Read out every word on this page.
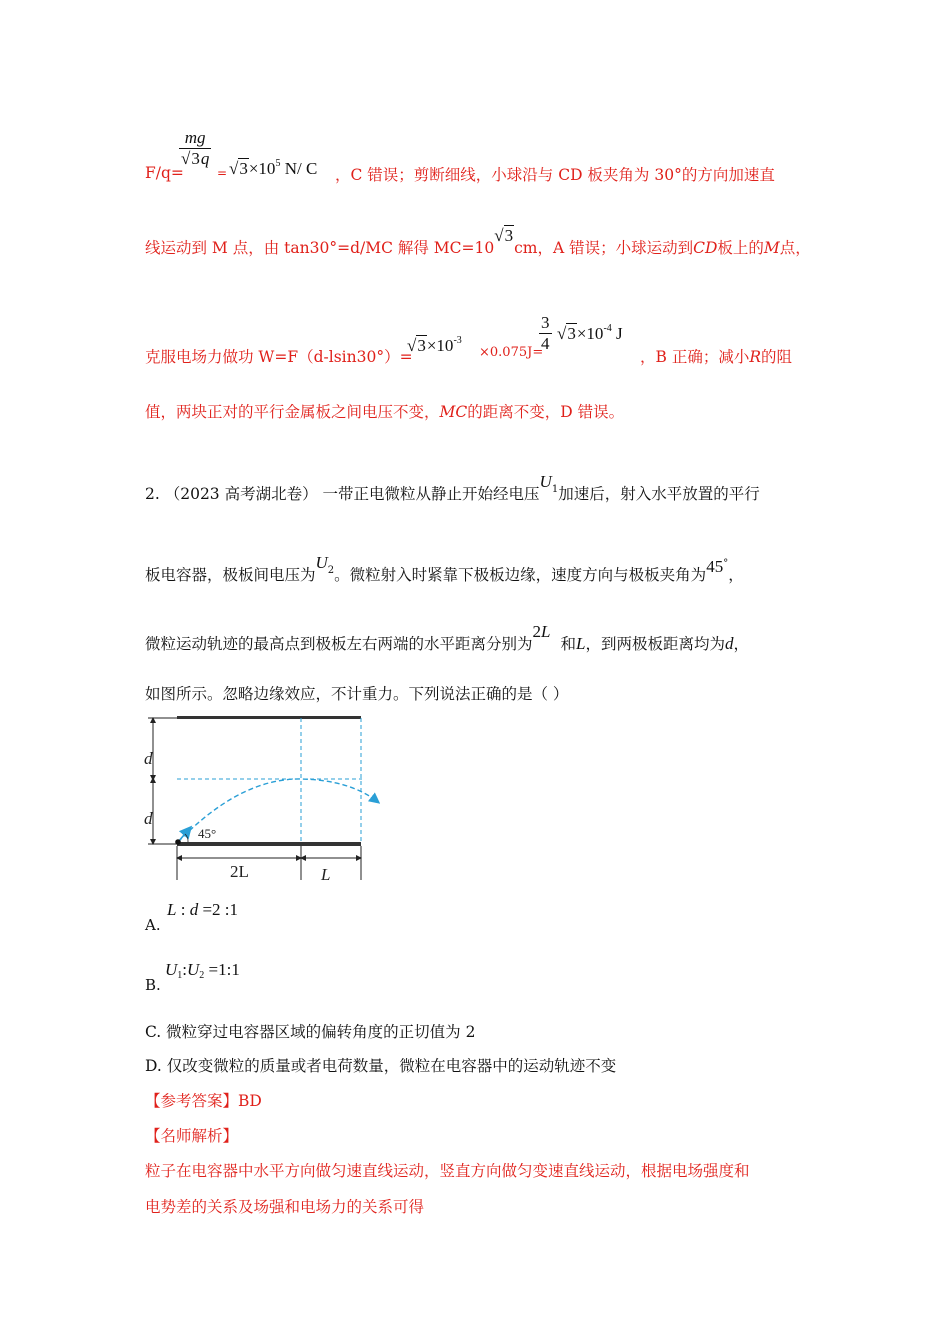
F/q=
$\frac{mg}{√3q}$
= $√3\times 10^5$ N/ C ，C 错误；剪断细线，小球沿与 CD 板夹角为 30°的方向加速直
线运动到 M 点，由 tan30°=d/MC 解得 MC=10√3cm，A 错误；小球运动到CD板上的M点，
克服电场力做功 W=F（d-lsin30°）=
$√3\times 10^{-3}$
×0.075J=
$\frac{3}{4} √3\times 10^{-4}$ J
，B 正确；减小R的阻
值，两块正对的平行金属板之间电压不变，MC的距离不变，D 错误。
2. （2023 高考湖北卷） 一带正电微粒从静止开始经电压$U^1$加速后，射入水平放置的平行
板电容器，极板间电压为$U^2$。微粒射入时紧靠下极板边缘，速度方向与极板夹角为45°，
微粒运动轨迹的最高点到极板左右两端的水平距离分别为2L和L，到两极板距离均为d，
如图所示。忽略边缘效应，不计重力。下列说法正确的是（ ）
d
d
45°
2L	L
A.
L : d =2 :1
B.
$U_1:U_2$ =1:1
C. 微粒穿过电容器区域的偏转角度的正切值为 2
D. 仅改变微粒的质量或者电荷数量，微粒在电容器中的运动轨迹不变
【参考答案】BD
【名师解析】
粒子在电容器中水平方向做匀速直线运动，竖直方向做匀变速直线运动，根据电场强度和
电势差的关系及场强和电场力的关系可得
